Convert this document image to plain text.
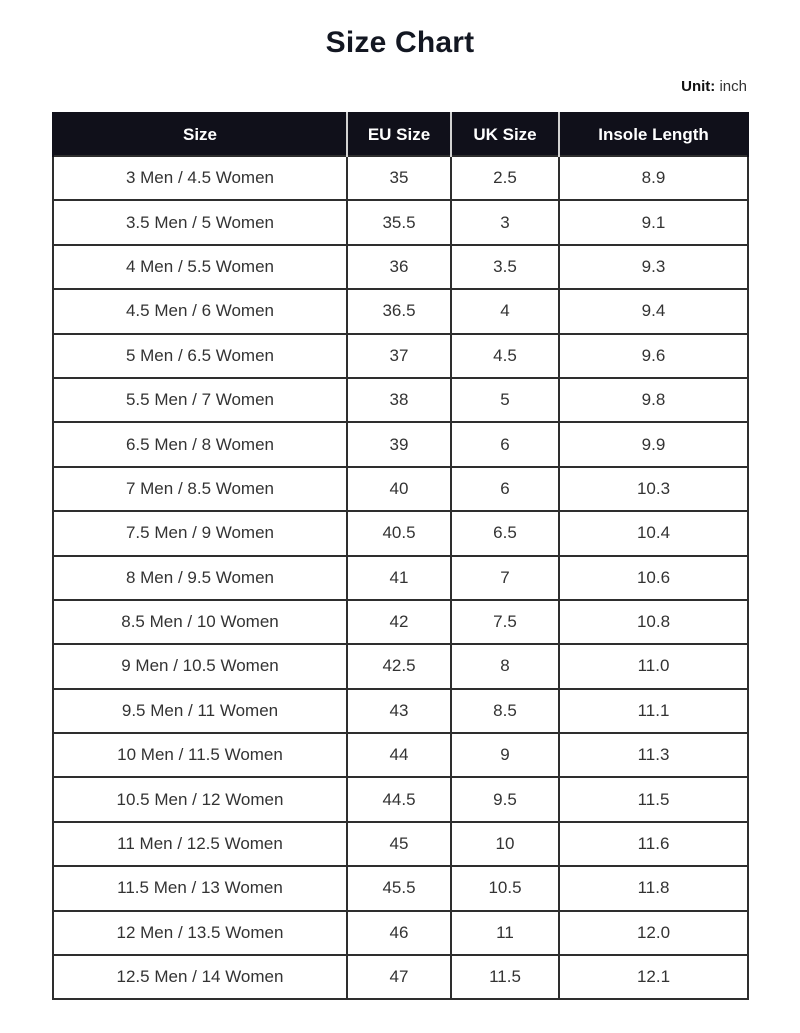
Size Chart
Unit: inch
Size	EU Size	UK Size	Insole Length
3 Men / 4.5 Women	35	2.5	8.9
3.5 Men / 5 Women	35.5	3	9.1
4 Men / 5.5 Women	36	3.5	9.3
4.5 Men / 6 Women	36.5	4	9.4
5 Men / 6.5 Women	37	4.5	9.6
5.5 Men / 7 Women	38	5	9.8
6.5 Men / 8 Women	39	6	9.9
7 Men / 8.5 Women	40	6	10.3
7.5 Men / 9 Women	40.5	6.5	10.4
8 Men / 9.5 Women	41	7	10.6
8.5 Men / 10 Women	42	7.5	10.8
9 Men / 10.5 Women	42.5	8	11.0
9.5 Men / 11 Women	43	8.5	11.1
10 Men / 11.5 Women	44	9	11.3
10.5 Men / 12 Women	44.5	9.5	11.5
11 Men / 12.5 Women	45	10	11.6
11.5 Men / 13 Women	45.5	10.5	11.8
12 Men / 13.5 Women	46	11	12.0
12.5 Men / 14 Women	47	11.5	12.1
